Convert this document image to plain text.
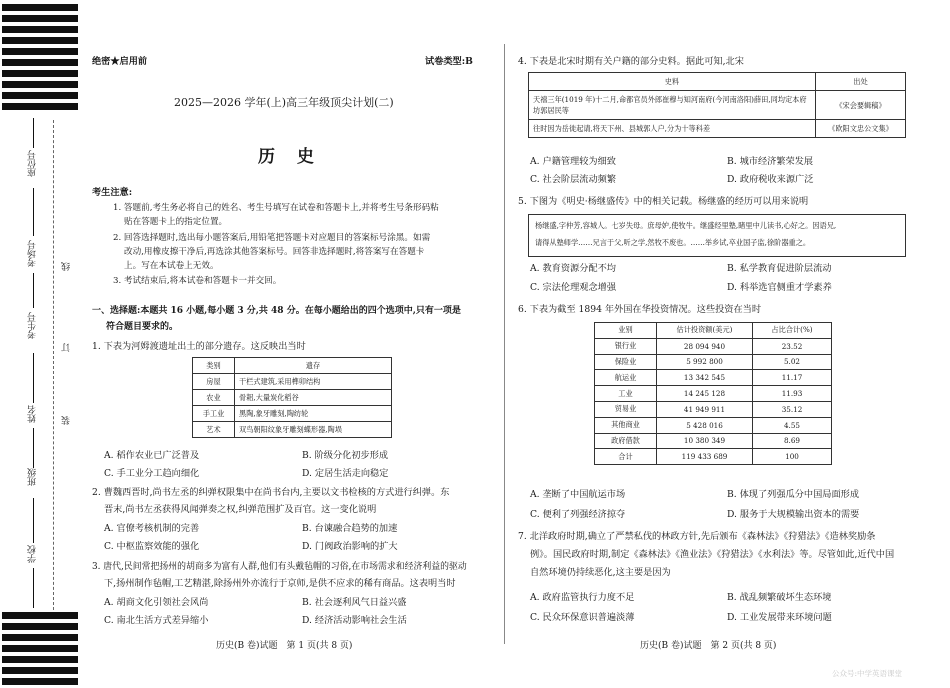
座位号
考场号
考生号
姓名
班级
学校
线
订
装
绝密★启用前	试卷类型:B
2025—2026 学年(上)高三年级顶尖计划(二)
历 史
考生注意:
1. 答题前,考生务必将自己的姓名、考生号填写在试卷和答题卡上,并将考生号条形码粘
贴在答题卡上的指定位置。
2. 回答选择题时,选出每小题答案后,用铅笔把答题卡对应题目的答案标号涂黑。如需
改动,用橡皮擦干净后,再选涂其他答案标号。回答非选择题时,将答案写在答题卡
上。写在本试卷上无效。
3. 考试结束后,将本试卷和答题卡一并交回。
一、选择题:本题共 16 小题,每小题 3 分,共 48 分。在每小题给出的四个选项中,只有一项是
符合题目要求的。
1. 下表为河姆渡遗址出土的部分遗存。这反映出当时
类别	遗存
房屋	干栏式建筑,采用榫卯结构
农业	骨耜,大量炭化稻谷
手工业	黑陶,象牙雕刻,陶纺轮
艺术	双鸟朝阳纹象牙雕刻蝶形器,陶埙
A. 稻作农业已广泛普及	B. 阶级分化初步形成
C. 手工业分工趋向细化	D. 定居生活走向稳定
2. 曹魏西晋时,尚书左丞的纠弹权限集中在尚书台内,主要以文书检核的方式进行纠弹。东
晋末,尚书左丞获得风闻弹奏之权,纠弹范围扩及百官。这一变化说明
A. 官僚考核机制的完善	B. 台谏融合趋势的加速
C. 中枢监察效能的强化	D. 门阀政治影响的扩大
3. 唐代,民间常把扬州的胡商多为富有人群,他们有头戴毡帽的习俗,在市场需求和经济利益的驱动
下,扬州制作毡帽,工艺精湛,除扬州外亦流行于京师,是供不应求的稀有商品。这表明当时
A. 胡商文化引领社会风尚	B. 社会逐利风气日益兴盛
C. 南北生活方式差异缩小	D. 经济活动影响社会生活
历史(B 卷)试题　第 1 页(共 8 页)
4. 下表是北宋时期有关户籍的部分史料。据此可知,北宋
史料	出处
天禧三年(1019 年)十二月,命都官员外郎崔穆与知河南府(今河南洛阳)薛田,同均定本府坊郭居民等	《宋会要辑稿》
往时因为岳徙起请,将天下州、县城郭人户,分为十等科差	《欧阳文忠公文集》
A. 户籍管理较为细致	B. 城市经济繁荣发展
C. 社会阶层流动频繁	D. 政府税收来源广泛
5. 下图为《明史·杨继盛传》中的相关记载。杨继盛的经历可以用来说明
杨继盛,字仲芳,容城人。七岁失母。庶母妒,使牧牛。继盛经里塾,睹里中儿读书,心好之。因语兄,
请得从塾师学……兄言于父,听之学,然牧不废也。……举乡试,卒业国子监,徐阶器重之。
A. 教育资源分配不均	B. 私学教育促进阶层流动
C. 宗法伦理观念增强	D. 科举选官侧重才学素养
6. 下表为截至 1894 年外国在华投资情况。这些投资在当时
业别	估计投资额(美元)	占比合计(%)
银行业	28 094 940	23.52
保险业	5 992 800	5.02
航运业	13 342 545	11.17
工业	14 245 128	11.93
贸易业	41 949 911	35.12
其他商业	5 428 016	4.55
政府借款	10 380 349	8.69
合计	119 433 689	100
A. 垄断了中国航运市场	B. 体现了列强瓜分中国局面形成
C. 便利了列强经济掠夺	D. 服务于大规模输出资本的需要
7. 北洋政府时期,确立了严禁私伐的林政方针,先后颁布《森林法》《狩猎法》《造林奖励条
例》。国民政府时期,制定《森林法》《渔业法》《狩猎法》《水利法》等。尽管如此,近代中国
自然环境仍持续恶化,这主要是因为
A. 政府监管执行力度不足	B. 战乱频繁破坏生态环境
C. 民众环保意识普遍淡薄	D. 工业发展带来环境问题
历史(B 卷)试题　第 2 页(共 8 页)
公众号:中学英语课堂
